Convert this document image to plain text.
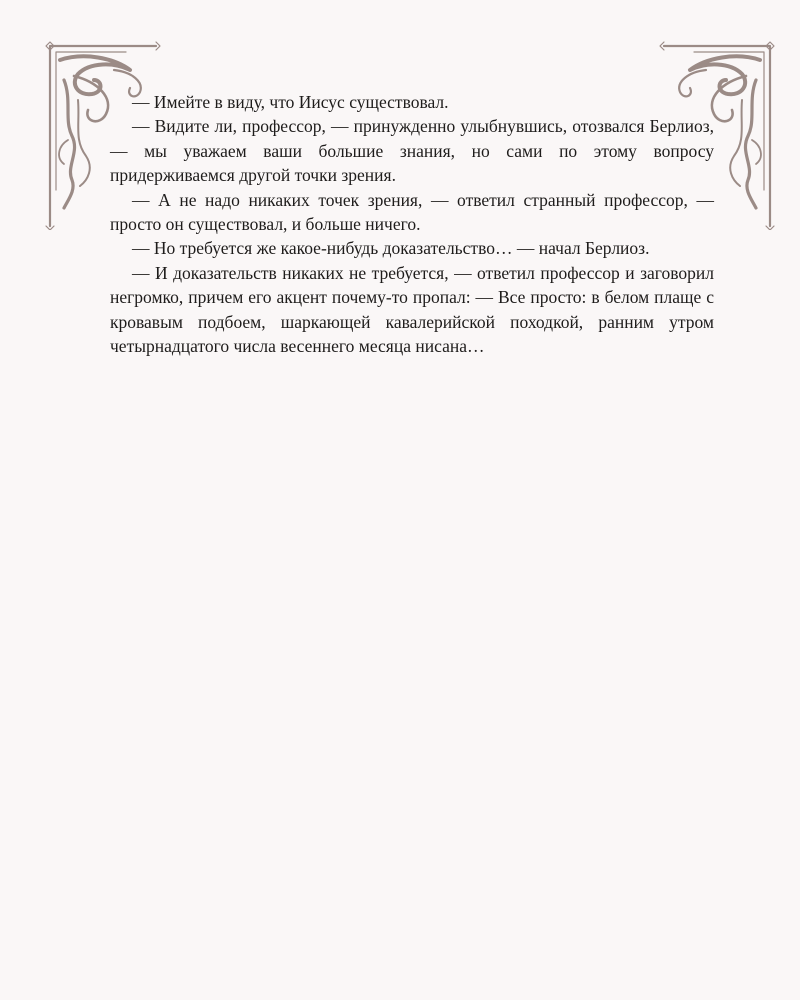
— Имейте в виду, что Иисус существовал.

— Видите ли, профессор, — принужденно улыбнувшись, отозвался Берлиоз, — мы уважаем ваши большие знания, но сами по этому вопросу придерживаемся другой точки зрения.

— А не надо никаких точек зрения, — ответил странный профессор, — просто он существовал, и больше ничего.

— Но требуется же какое-нибудь доказательство… — начал Берлиоз.

— И доказательств никаких не требуется, — ответил профессор и заговорил негромко, причем его акцент почему-то пропал: — Все просто: в белом плаще с кровавым подбоем, шаркающей кавалерийской походкой, ранним утром четырнадцатого числа весеннего месяца нисана…
